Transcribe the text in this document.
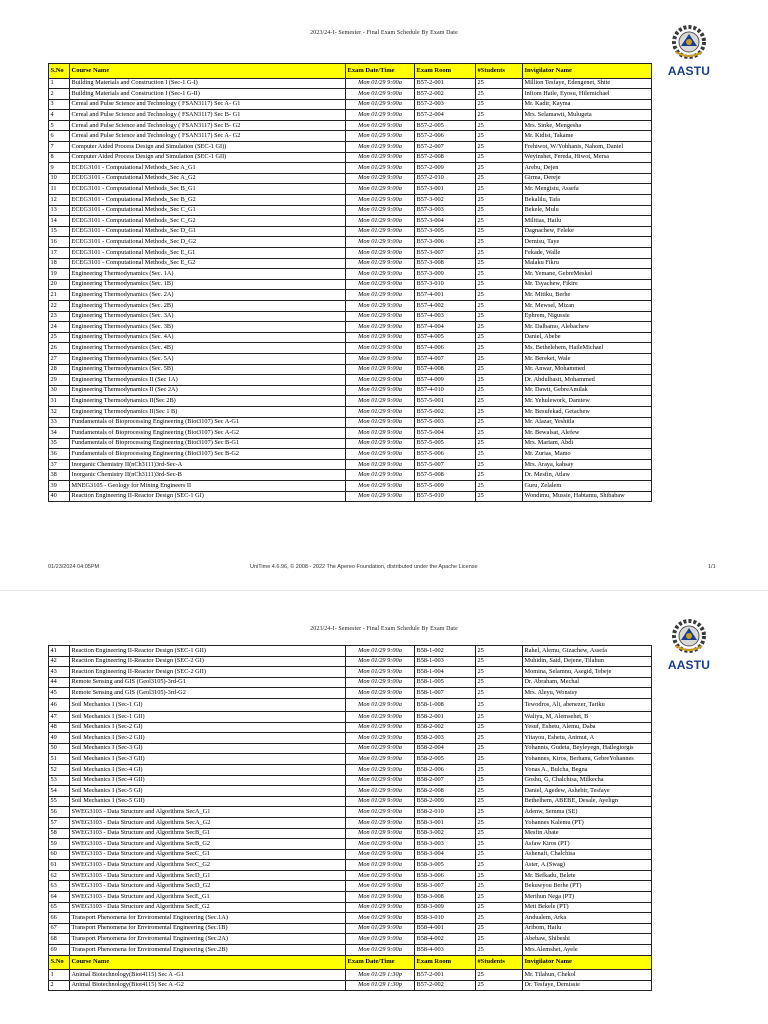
2023/24-I- Semester - Final Exam Schedule By Exam Date
AASTU
S.No	Course Name	Exam Date/Time	Exam Room	#Students	Invigilator Name
1	Building Materials and Construction I (Sec-1 G-I)	Mon 01/29 9:00a	B57-2-001	25	Million Tesfaye, Edengenet, Shite
2	Building Materials and Construction I (Sec-1 G-II)	Mon 01/29 9:00a	B57-2-002	25	Infiom Haile, Eyosu, Hilemichael
3	Cereal and Pulse Science and Technology ( FSAN3117) Sec A- G1	Mon 01/29 9:00a	B57-2-003	25	Mr. Kadir, Kayma
4	Cereal and Pulse Science and Technology ( FSAN3117) Sec B- G1	Mon 01/29 9:00a	B57-2-004	25	Mrs. Selamawit, Mulugeta
5	Cereal and Pulse Science and Technology ( FSAN3117) Sec B- G2	Mon 01/29 9:00a	B57-2-005	25	Mrs. Sinke, Mengesha
6	Cereal and Pulse Science and Technology ( FSAN3117) Sec A- G2	Mon 01/29 9:00a	B57-2-006	25	Mr. Kidist, Takame
7	Computer Aided Process Design and Simulation (SEC-1 GI))	Mon 01/29 9:00a	B57-2-007	25	Frehiwot, W/Yohhanis, Nahom, Daniel
8	Computer Aided Process Design and Simulation (SEC-1 GII)	Mon 01/29 9:00a	B57-2-008	25	Weyinshet, Fereda, Hiwot, Mersa
9	ECEG3101 - Computational Methods_Sec A_G1	Mon 01/29 9:00a	B57-2-009	25	Arebu, Dejen
10	ECEG3101 - Computational Methods_Sec A_G2	Mon 01/29 9:00a	B57-2-010	25	Girma, Dereje
11	ECEG3101 - Computational Methods_Sec B_G1	Mon 01/29 9:00a	B57-3-001	25	Mr. Mengistu, Assefa
12	ECEG3101 - Computational Methods_Sec B_G2	Mon 01/29 9:00a	B57-3-002	25	Bekalilu, Tafa
13	ECEG3101 - Computational Methods_Sec C_G1	Mon 01/29 9:00a	B57-3-003	25	Bekele, Mulu
14	ECEG3101 - Computational Methods_Sec C_G2	Mon 01/29 9:00a	B57-3-004	25	Militias, Hailu
15	ECEG3101 - Computational Methods_Sec D_G1	Mon 01/29 9:00a	B57-3-005	25	Dagnachew, Feleke
16	ECEG3101 - Computational Methods_Sec D_G2	Mon 01/29 9:00a	B57-3-006	25	Demisu, Taye
17	ECEG3101 - Computational Methods_Sec E_G1	Mon 01/29 9:00a	B57-3-007	25	Fekade, Walle
18	ECEG3101 - Computational Methods_Sec E_G2	Mon 01/29 9:00a	B57-3-008	25	Malaku Fikru
19	Engineering Thermodynamics (Sec. 1A)	Mon 01/29 9:00a	B57-3-009	25	Mr. Yemane, GebreMeskel
20	Engineering Thermodynamics (Sec. 1B)	Mon 01/29 9:00a	B57-3-010	25	Mr. Tsyachew, Fikire
21	Engineering Thermodynamics (Sec. 2A)	Mon 01/29 9:00a	B57-4-001	25	Mr. Mitiku, Berhe
22	Engineering Thermodynamics (Sec. 2B)	Mon 01/29 9:00a	B57-4-002	25	Mr. Mewsel, Mizan
23	Engineering Thermodynamics (Sec. 3A)	Mon 01/29 9:00a	B57-4-003	25	Ephrem, Nigussie
24	Engineering Thermodynamics (Sec. 3B)	Mon 01/29 9:00a	B57-4-004	25	Mr. Dalbamo, Alebachew
25	Engineering Thermodynamics (Sec. 4A)	Mon 01/29 9:00a	B57-4-005	25	Daniel, Abebe
26	Engineering Thermodynamics (Sec. 4B)	Mon 01/29 9:00a	B57-4-006	25	Ms. Bethelehem, HaileMichael
27	Engineering Thermodynamics (Sec. 5A)	Mon 01/29 9:00a	B57-4-007	25	Mr. Bereket, Wale
28	Engineering Thermodynamics (Sec. 5B)	Mon 01/29 9:00a	B57-4-008	25	Mr. Anwar, Mohammed
29	Engineering Thermodynamics II (Sec 1A)	Mon 01/29 9:00a	B57-4-009	25	Dr. Abdulbasit, Mohammed
30	Engineering Thermodynamics II (Sec 2A)	Mon 01/29 9:00a	B57-4-010	25	Mr. Dawit, GebreAmilak
31	Engineering Thermodynamics II(Sec 2B)	Mon 01/29 9:00a	B57-5-001	25	Mr. Yehulework, Damtew
32	Engineering Thermodynamics II(Sec 1 B)	Mon 01/29 9:00a	B57-5-002	25	Mr. Besufekad, Getachew
33	Fundamentals of Bioprocessing Engineering (Biot3107) Sec A-G1	Mon 01/29 9:00a	B57-5-003	25	Mr. Alazar, Yeshitla
34	Fundamentals of Bioprocessing Engineering (Biot3107) Sec A-G2	Mon 01/29 9:00a	B57-5-004	25	Mr. Bewalsat, Alefew
35	Fundamentals of Bioprocessing Engineering (Biot3107) Sec B-G1	Mon 01/29 9:00a	B57-5-005	25	Mrs. Mariam, Abdi
36	Fundamentals of Bioprocessing Engineering (Biot3107) Sec B-G2	Mon 01/29 9:00a	B57-5-006	25	Mr. Zurias, Mamo
37	Inorganic Chemistry II(nCh3111)3rd-Sec-A	Mon 01/29 9:00a	B57-5-007	25	Mrs. Araya, kahsay
38	Inorganic Chemistry II(nCh3111)3rd-Sec-B	Mon 01/29 9:00a	B57-5-008	25	Dr. Mesfin, Atlaw
39	MNEG3105 - Geology for Mining Engineers II	Mon 01/29 9:00a	B57-5-009	25	Guru, Zelalem
40	Reaction Engineering II-Reactor Design (SEC-1 GI)	Mon 01/29 9:00a	B57-5-010	25	Wondimu, Mussie, Habtamu, Shibabaw
01/23/2024 04:05PM	UniTime 4.6.96, © 2008 - 2022 The Apereo Foundation, distributed under the Apache License	1/1
2023/24-I- Semester - Final Exam Schedule By Exam Date
AASTU
41	Reaction Engineering II-Reactor Design (SEC-1 GII)	Mon 01/29 9:00a	B58-1-002	25	Rahel, Alemu, Gizachew, Assefa
42	Reaction Engineering II-Reactor Design (SEC-2 GI)	Mon 01/29 9:00a	B58-1-003	25	Muhidin, Said, Dejene, Tilahun
43	Reaction Engineering II-Reactor Design (SEC-2 GII)	Mon 01/29 9:00a	B58-1-004	25	Momina, Selamnu, Asegid, Tebeje
44	Remote Sensing and GIS (Geol3105)-3rd-G1	Mon 01/29 9:00a	B58-1-005	25	Dr. Abraham, Mechal
45	Remote Sensing and GIS (Geol3105)-3rd-G2	Mon 01/29 9:00a	B58-1-007	25	Mrs. Aleyu, Wonsisy
46	Soil Mechanics I (Sec-1 GI)	Mon 01/29 9:00a	B58-1-008	25	Tewodros, Ali, abenezer, Tariku
47	Soil Mechanics I (Sec-1 GII)	Mon 01/29 9:00a	B58-2-001	25	Waliyu, M, Alemsehet, B
48	Soil Mechanics I (Sec-2 GI)	Mon 01/29 9:00a	B58-2-002	25	Yesuf, Eshetu, Alemu, Daba
49	Soil Mechanics I (Sec-2 GII)	Mon 01/29 9:00a	B58-2-003	25	Yitayou, Eshetu, Animut, A
50	Soil Mechanics I (Sec-3 GI)	Mon 01/29 9:00a	B58-2-004	25	Yohannis, Gudeta, Beyleyegn, Hailegiorgis
51	Soil Mechanics I (Sec-3 GII)	Mon 01/29 9:00a	B58-2-005	25	Yohannes, Kiros, Berhanu, GebreYohannes
52	Soil Mechanics I (Sec-4 GI)	Mon 01/29 9:00a	B58-2-006	25	Yonas A., Bulcha, Begna
53	Soil Mechanics I (Sec-4 GII)	Mon 01/29 9:00a	B58-2-007	25	Goshu, G, Chalchisa, Milkecha
54	Soil Mechanics I (Sec-5 GI)	Mon 01/29 9:00a	B58-2-008	25	Daniel, Agedew, Ashebir, Tesfaye
55	Soil Mechanics I (Sec-5 GII)	Mon 01/29 9:00a	B58-2-009	25	Bethelhem, ABEBE, Desale, Ayelign
56	SWEG3103 - Data Structure and Algorithms SecA_G1	Mon 01/29 9:00a	B58-2-010	25	Adenw, Semma (SE)
57	SWEG3103 - Data Structure and Algorithms SecA_G2	Mon 01/29 9:00a	B58-3-001	25	Yohannes Kalemu (PT)
58	SWEG3103 - Data Structure and Algorithms SecB_G1	Mon 01/29 9:00a	B58-3-002	25	Mesfin Abate
59	SWEG3103 - Data Structure and Algorithms SecB_G2	Mon 01/29 9:00a	B58-3-003	25	Asfaw Kiros (PT)
60	SWEG3103 - Data Structure and Algorithms SecC_G1	Mon 01/29 9:00a	B58-3-004	25	Ashenafi, Chalchisa
61	SWEG3103 - Data Structure and Algorithms SecC_G2	Mon 01/29 9:00a	B58-3-005	25	Aster, A.(Swag)
62	SWEG3103 - Data Structure and Algorithms SecD_G1	Mon 01/29 9:00a	B58-3-006	25	Mr. Befkadu, Belete
63	SWEG3103 - Data Structure and Algorithms SecD_G2	Mon 01/29 9:00a	B58-3-007	25	Bekuwyou Berhe (PT)
64	SWEG3103 - Data Structure and Algorithms SecE_G1	Mon 01/29 9:00a	B58-3-008	25	Merihun Nega (PT)
65	SWEG3103 - Data Structure and Algorithms SecE_G2	Mon 01/29 9:00a	B58-3-009	25	Meti Bekele (PT)
66	Transport Phenomena for Enviromental Engineering (Sec.1A)	Mon 01/29 9:00a	B58-3-010	25	Andualem, Arka
67	Transport Phenomena for Enviromental Engineering (Sec.1B)	Mon 01/29 9:00a	B58-4-001	25	Aribom, Hailu
68	Transport Phenomena for Enviromental Engineering (Sec.2A)	Mon 01/29 9:00a	B58-4-002	25	Abebaw, Shibeshi
69	Transport Phenomena for Enviromental Engineering (Sec.2B)	Mon 01/29 9:00a	B58-4-003	25	Mrs.Alemshet, Ayele
S.No	Course Name	Exam Date/Time	Exam Room	#Students	Invigilator Name
1	Animal Biotechnology(Biot4115) Sec A -G1	Mon 01/29 1:30p	B57-2-001	25	Mr. Tilahun, Chekol
2	Animal Biotechnology(Biot4115) Sec A -G2	Mon 01/29 1:30p	B57-2-002	25	Dr. Tesfaye, Demissie
